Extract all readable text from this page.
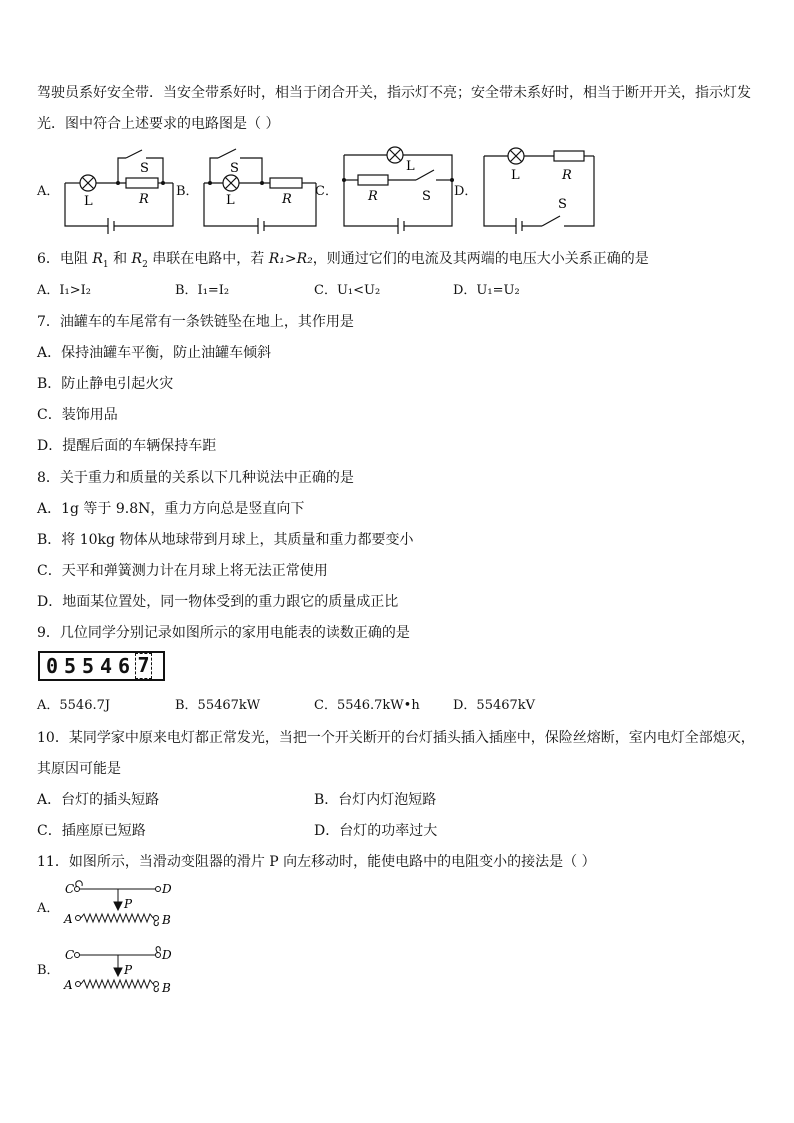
驾驶员系好安全带．当安全带系好时，相当于闭合开关，指示灯不亮；安全带未系好时，相当于断开开关，指示灯发
光．图中符合上述要求的电路图是（ ）
A．
L	R
S
B．
L	R
S
C．
L
R	S D．
L	R
S
6．电阻 $R_1$ 和 $R_2$ 串联在电路中，若 R₁>R₂，则通过它们的电流及其两端的电压大小关系正确的是
A．I₁>I₂	B．I₁=I₂	C．U₁<U₂	D．U₁=U₂
7．油罐车的车尾常有一条铁链坠在地上，其作用是
A．保持油罐车平衡，防止油罐车倾斜
B．防止静电引起火灾
C．装饰用品
D．提醒后面的车辆保持车距
8．关于重力和质量的关系以下几种说法中正确的是
A．1g 等于 9.8N，重力方向总是竖直向下
B．将 10kg 物体从地球带到月球上，其质量和重力都要变小
C．天平和弹簧测力计在月球上将无法正常使用
D．地面某位置处，同一物体受到的重力跟它的质量成正比
9．几位同学分别记录如图所示的家用电能表的读数正确的是
0 5 5 4 6 7
A．5546.7J	B．55467kW	C．5546.7kW•h	D．55467kV
10．某同学家中原来电灯都正常发光，当把一个开关断开的台灯插头插入插座中，保险丝熔断，室内电灯全部熄灭，
其原因可能是
A．台灯的插头短路	B．台灯内灯泡短路
C．插座原已短路	D．台灯的功率过大
11．如图所示，当滑动变阻器的滑片 P 向左移动时，能使电路中的电阻变小的接法是（ ）
A．
C	D
P
A	B
B．
C	D
P
A	B
